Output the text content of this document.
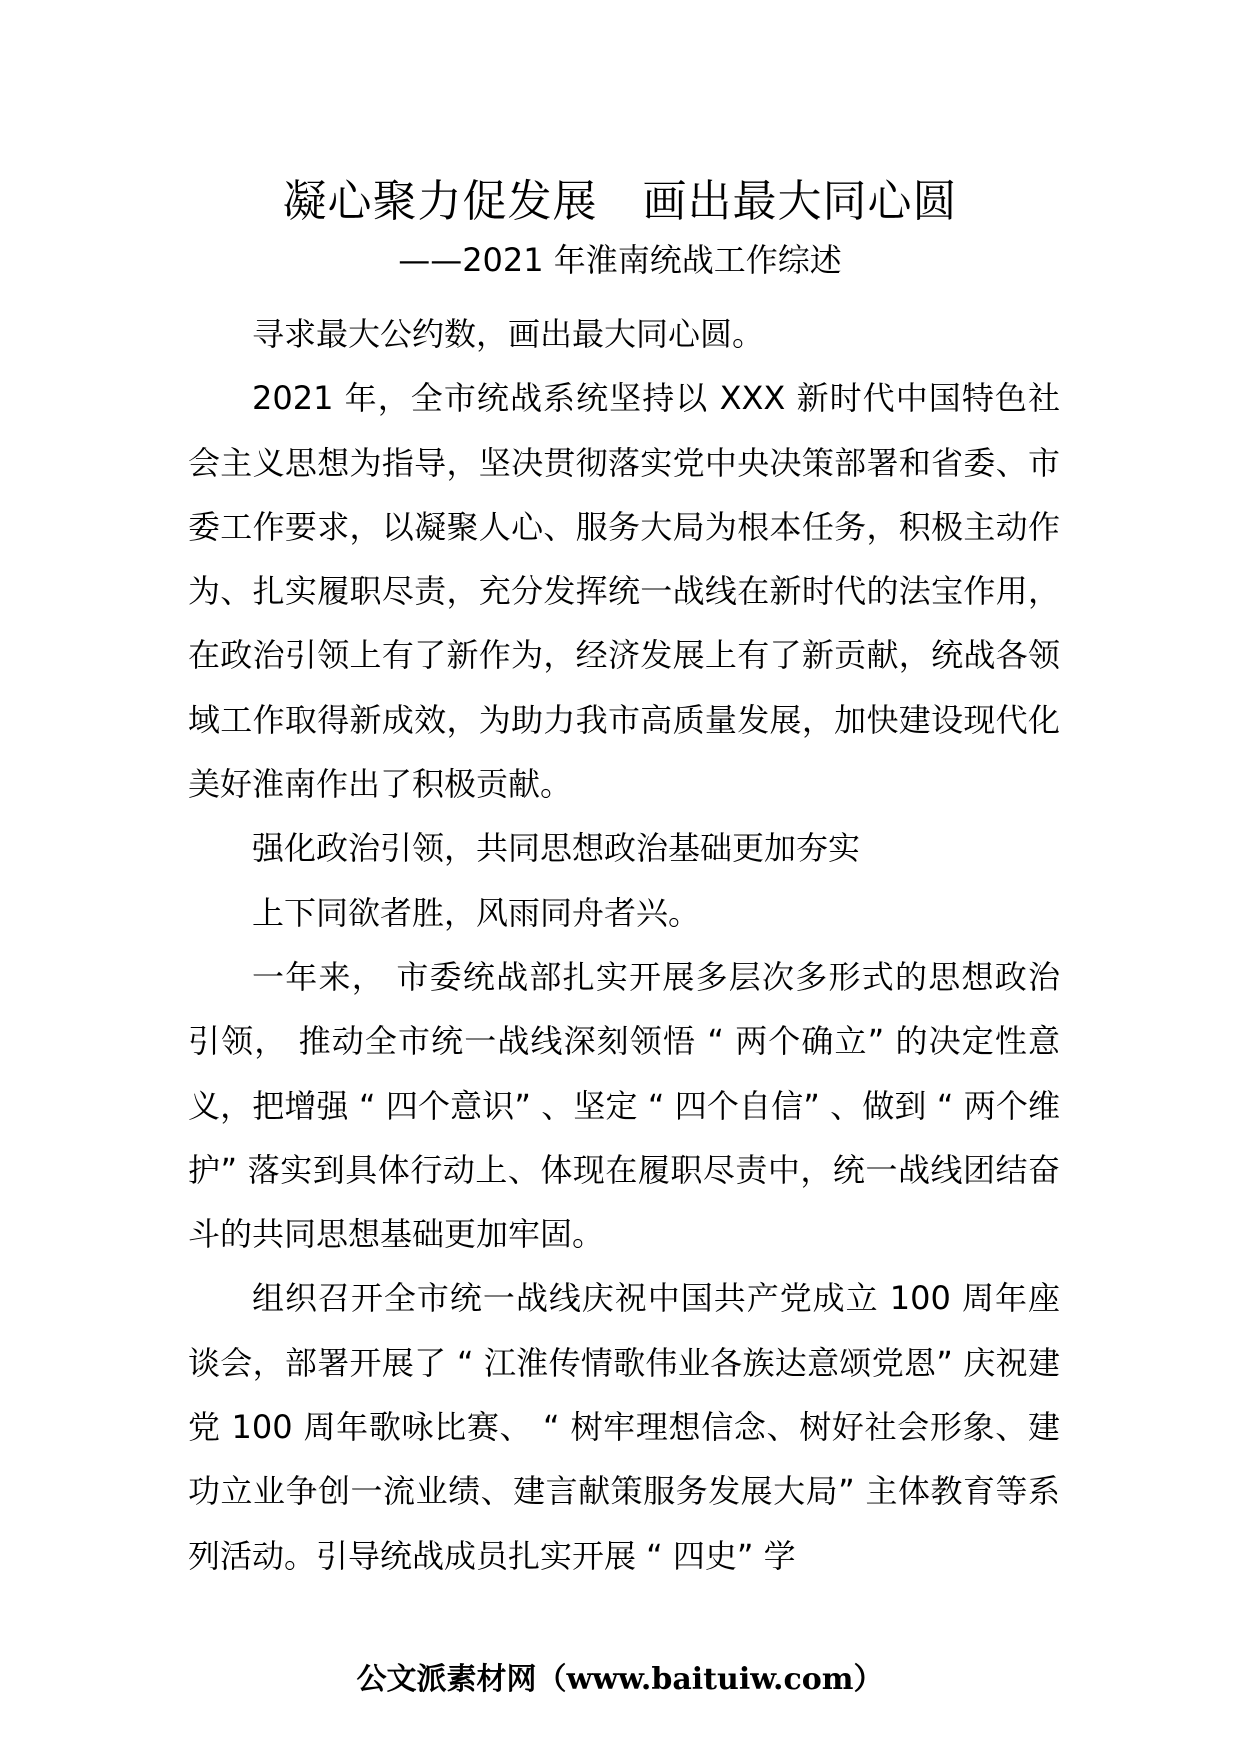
凝心聚力促发展　画出最大同心圆
——2021 年淮南统战工作综述

寻求最大公约数，画出最大同心圆。

2021 年，全市统战系统坚持以 XXX 新时代中国特色社会主义思想为指导，坚决贯彻落实党中央决策部署和省委、市委工作要求，以凝聚人心、服务大局为根本任务，积极主动作为、扎实履职尽责，充分发挥统一战线在新时代的法宝作用，在政治引领上有了新作为，经济发展上有了新贡献，统战各领域工作取得新成效，为助力我市高质量发展，加快建设现代化美好淮南作出了积极贡献。

强化政治引领，共同思想政治基础更加夯实

上下同欲者胜，风雨同舟者兴。

一年来， 市委统战部扎实开展多层次多形式的思想政治引领， 推动全市统一战线深刻领悟 “ 两个确立” 的决定性意义，把增强 “ 四个意识” 、坚定 “ 四个自信” 、做到 “ 两个维护” 落实到具体行动上、体现在履职尽责中，统一战线团结奋斗的共同思想基础更加牢固。

组织召开全市统一战线庆祝中国共产党成立 100 周年座谈会，部署开展了 “ 江淮传情歌伟业各族达意颂党恩” 庆祝建党 100 周年歌咏比赛、 “ 树牢理想信念、树好社会形象、建功立业争创一流业绩、建言献策服务发展大局” 主体教育等系列活动。引导统战成员扎实开展 “ 四史” 学

公文派素材网（www.baituiw.com）
